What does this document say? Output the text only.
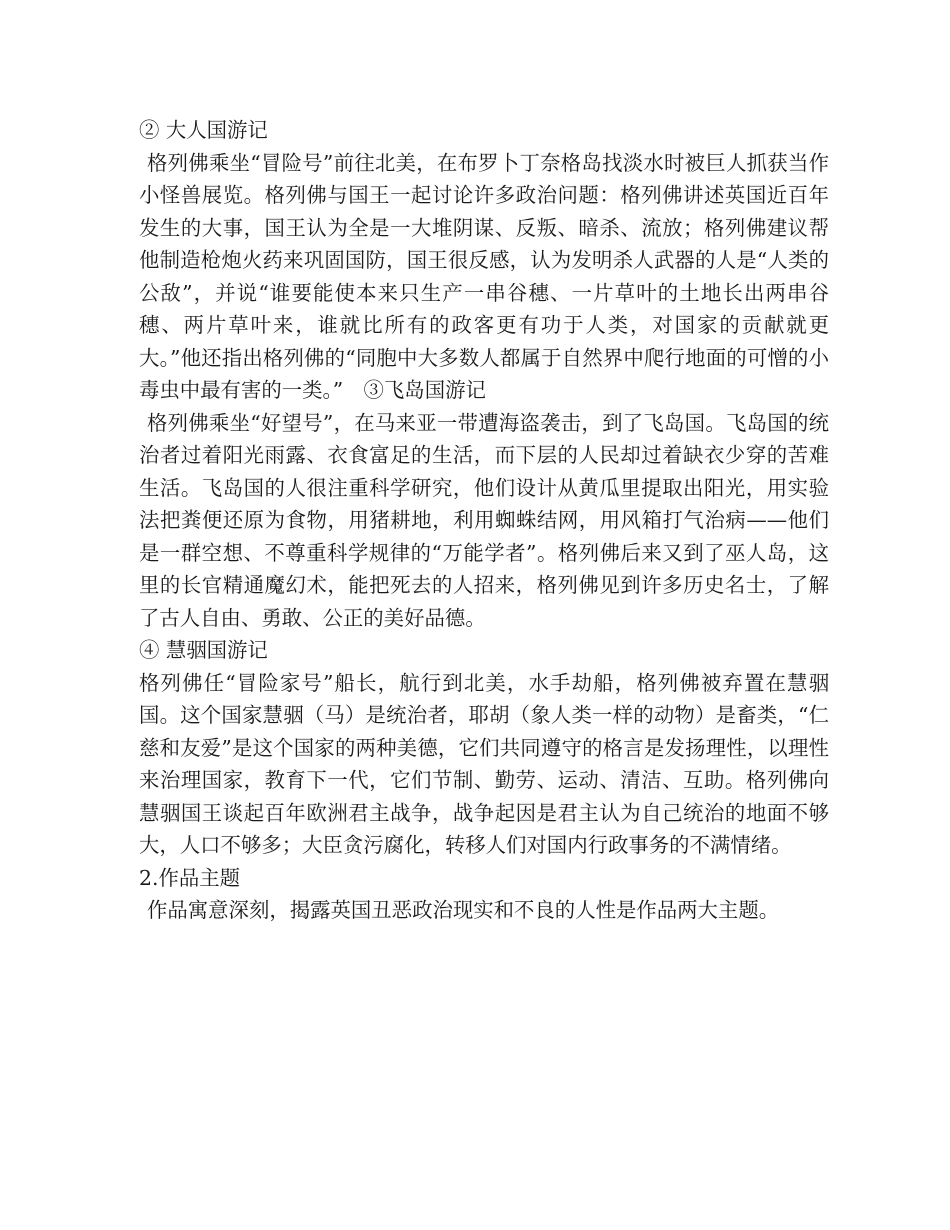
② 大人国游记

格列佛乘坐“冒险号”前往北美，在布罗卜丁奈格岛找淡水时被巨人抓获当作小怪兽展览。格列佛与国王一起讨论许多政治问题：格列佛讲述英国近百年发生的大事，国王认为全是一大堆阴谋、反叛、暗杀、流放；格列佛建议帮他制造枪炮火药来巩固国防，国王很反感，认为发明杀人武器的人是“人类的公敌”，并说“谁要能使本来只生产一串谷穗、一片草叶的土地长出两串谷穗、两片草叶来，谁就比所有的政客更有功于人类，对国家的贡献就更大。”他还指出格列佛的“同胞中大多数人都属于自然界中爬行地面的可憎的小毒虫中最有害的一类。”　③飞岛国游记

格列佛乘坐“好望号”，在马来亚一带遭海盗袭击，到了飞岛国。飞岛国的统治者过着阳光雨露、衣食富足的生活，而下层的人民却过着缺衣少穿的苦难生活。飞岛国的人很注重科学研究，他们设计从黄瓜里提取出阳光，用实验法把粪便还原为食物，用猪耕地，利用蜘蛛结网，用风箱打气治病——他们是一群空想、不尊重科学规律的“万能学者”。格列佛后来又到了巫人岛，这里的长官精通魔幻术，能把死去的人招来，格列佛见到许多历史名士，了解了古人自由、勇敢、公正的美好品德。

④ 慧骃国游记

格列佛任“冒险家号”船长，航行到北美，水手劫船，格列佛被弃置在慧骃国。这个国家慧骃（马）是统治者，耶胡（象人类一样的动物）是畜类，“仁慈和友爱”是这个国家的两种美德，它们共同遵守的格言是发扬理性，以理性来治理国家，教育下一代，它们节制、勤劳、运动、清洁、互助。格列佛向慧骃国王谈起百年欧洲君主战争，战争起因是君主认为自己统治的地面不够大，人口不够多；大臣贪污腐化，转移人们对国内行政事务的不满情绪。

2.作品主题

作品寓意深刻，揭露英国丑恶政治现实和不良的人性是作品两大主题。
